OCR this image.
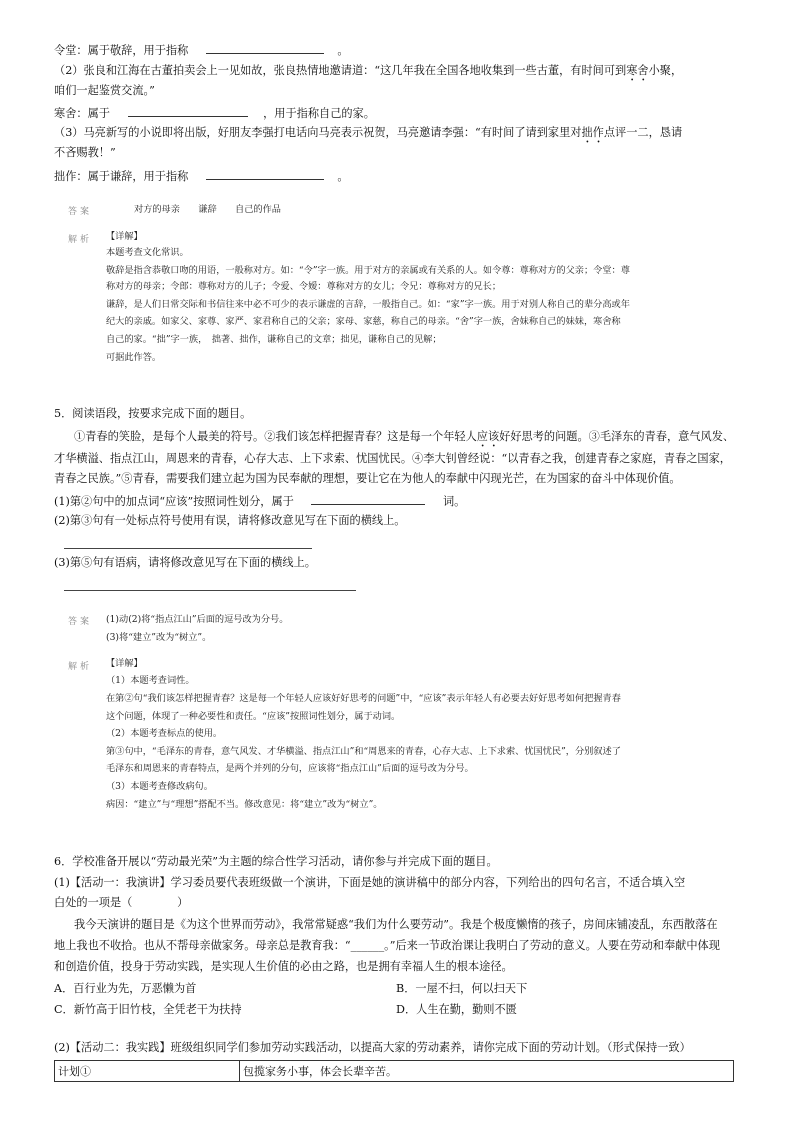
令堂：属于敬辞，用于指称	。
（2）张良和江海在古董拍卖会上一见如故，张良热情地邀请道：“这几年我在全国各地收集到一些古董，有时间可到寒舍小聚，
咱们一起鉴赏交流。”
寒舍：属于	，用于指称自己的家。
（3）马亮新写的小说即将出版，好朋友李强打电话向马亮表示祝贺，马亮邀请李强：“有时间了请到家里对拙作点评一二，恳请
不吝赐教！”
拙作：属于谦辞，用于指称	。
答案	对方的母亲　　谦辞　　自己的作品
解析 【详解】
本题考查文化常识。
敬辞是指含恭敬口吻的用语，一般称对方。如：“令”字一族。用于对方的亲属或有关系的人。如令尊：尊称对方的父亲；令堂：尊
称对方的母亲；令郎：尊称对方的儿子；令爱、令嫒：尊称对方的女儿；令兄：尊称对方的兄长；
谦辞，是人们日常交际和书信往来中必不可少的表示谦虚的言辞，一般指自己。如：“家”字一族。用于对别人称自己的辈分高或年
纪大的亲戚。如家父、家尊、家严、家君称自己的父亲；家母、家慈，称自己的母亲。“舍”字一族，舍妹称自己的妹妹，寒舍称
自己的家。“拙”字一族，　拙著、拙作，谦称自己的文章；拙见，谦称自己的见解；
可据此作答。
5．阅读语段，按要求完成下面的题目。
①青春的笑脸，是每个人最美的符号。②我们该怎样把握青春？这是每一个年轻人应该好好思考的问题。③毛泽东的青春，意气风发、
才华横溢、指点江山，周恩来的青春，心存大志、上下求索、忧国忧民。④李大钊曾经说：“以青春之我，创建青春之家庭，青春之国家，
青春之民族。”⑤青春，需要我们建立起为国为民奉献的理想，要让它在为他人的奉献中闪现光芒，在为国家的奋斗中体现价值。
(1)第②句中的加点词“应该”按照词性划分，属于	词。
(2)第③句有一处标点符号使用有误，请将修改意见写在下面的横线上。
(3)第⑤句有语病，请将修改意见写在下面的横线上。
答案 (1)动(2)将“指点江山”后面的逗号改为分号。
(3)将“建立”改为“树立”。
解析 【详解】
（1）本题考查词性。
在第②句“我们该怎样把握青春？这是每一个年轻人应该好好思考的问题”中，“应该”表示年轻人有必要去好好思考如何把握青春
这个问题，体现了一种必要性和责任。“应该”按照词性划分，属于动词。
（2）本题考查标点的使用。
第③句中，“毛泽东的青春，意气风发、才华横溢、指点江山”和“周恩来的青春，心存大志、上下求索、忧国忧民”，分别叙述了
毛泽东和周恩来的青春特点，是两个并列的分句，应该将“指点江山”后面的逗号改为分号。
（3）本题考查修改病句。
病因：“建立”与“理想”搭配不当。修改意见：将“建立”改为“树立”。
6．学校准备开展以“劳动最光荣”为主题的综合性学习活动，请你参与并完成下面的题目。
(1)【活动一：我演讲】学习委员要代表班级做一个演讲，下面是她的演讲稿中的部分内容，下列给出的四句名言，不适合填入空
白处的一项是（　　　　）
我今天演讲的题目是《为这个世界而劳动》，我常常疑惑“我们为什么要劳动”。我是个极度懒惰的孩子，房间床铺凌乱，东西散落在
地上我也不收拾。也从不帮母亲做家务。母亲总是教育我：“______。”后来一节政治课让我明白了劳动的意义。人要在劳动和奉献中体现
和创造价值，投身于劳动实践，是实现人生价值的必由之路，也是拥有幸福人生的根本途径。
A．百行业为先，万恶懒为首	B．一屋不扫，何以扫天下
C．新竹高于旧竹枝，全凭老干为扶持	D．人生在勤，勤则不匮
(2)【活动二：我实践】班级组织同学们参加劳动实践活动，以提高大家的劳动素养，请你完成下面的劳动计划。（形式保持一致）
计划①	包揽家务小事，体会长辈辛苦。
